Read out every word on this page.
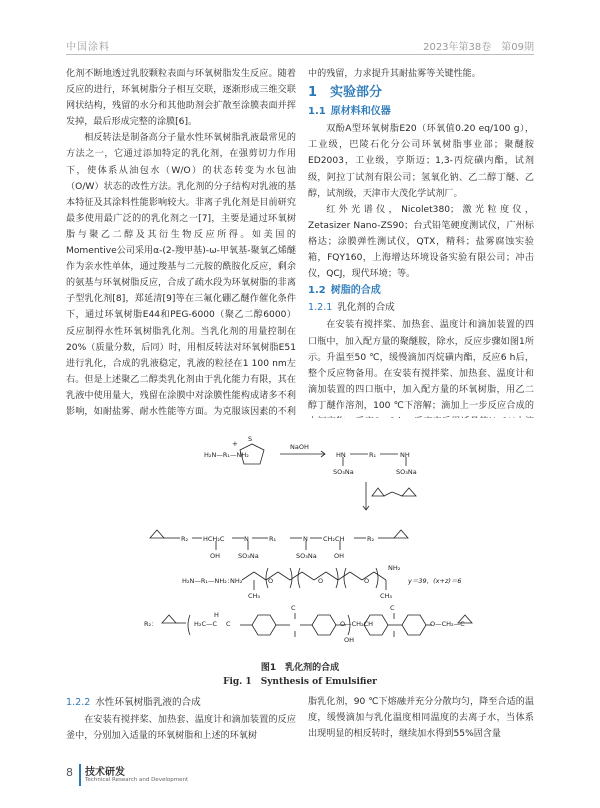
中国涂料	2023年第38卷　第09期

化剂不断地透过乳胶颗粒表面与环氧树脂发生反应。随着反应的进行，环氧树脂分子相互交联，逐渐形成三维交联网状结构，残留的水分和其他助剂会扩散至涂膜表面并挥发掉，最后形成完整的涂膜[6]。

相反转法是制备高分子量水性环氧树脂乳液最常见的方法之一，它通过添加特定的乳化剂，在强剪切力作用下，使体系从油包水（W/O）的状态转变为水包油（O/W）状态的改性方法。乳化剂的分子结构对乳液的基本特征及其涂料性能影响较大。非离子乳化剂是目前研究最多使用最广泛的的乳化剂之一[7]，主要是通过环氧树脂与聚乙二醇及其衍生物反应所得。如美国的Momentive公司采用α-(2-羧甲基)-ω-甲氧基-聚氧乙烯醚作为亲水性单体，通过羧基与二元胺的酰胺化反应，剩余的氨基与环氧树脂反应，合成了疏水段为环氧树脂的非离子型乳化剂[8]，郑延清[9]等在三氟化硼乙醚作催化条件下，通过环氧树脂E44和PEG-6000（聚乙二醇6000）反应制得水性环氧树脂乳化剂。当乳化剂的用量控制在20%（质量分数，后同）时，用相反转法对环氧树脂E51进行乳化，合成的乳液稳定，乳液的粒径在1 100 nm左右。但是上述聚乙二醇类乳化剂由于乳化能力有限，其在乳液中使用量大，残留在涂膜中对涂膜性能构成诸多不利影响，如耐盐雾、耐水性能等方面。为克服该因素的不利

中的残留，力求提升其耐盐雾等关键性能。

1  实验部分
1.1  原材料和仪器

双酚A型环氧树脂E20（环氧值0.20 eq/100 g），工业级，巴陵石化分公司环氧树脂事业部；聚醚胺ED2003，工业级，亨斯迈；1,3-丙烷磺内酯，试剂级，阿拉丁试剂有限公司；氢氧化钠、乙二醇丁醚、乙醇，试剂级，天津市大茂化学试剂厂。

红外光谱仪，Nicolet380；激光粒度仪，Zetasizer Nano-ZS90；台式铅笔硬度测试仪，广州标格达；涂膜弹性测试仪，QTX，精科；盐雾腐蚀实验箱，FQY160，上海增达环境设备实验有限公司；冲击仪，QCJ，现代环境；等。

1.2  树脂的合成
1.2.1  乳化剂的合成

在安装有搅拌桨、加热套、温度计和滴加装置的四口瓶中，加入配方量的聚醚胺，除水，反应步骤如图1所示。升温至50 ℃，缓慢滴加丙烷磺内酯，反应6 h后，整个反应物备用。在安装有搅拌桨、加热套、温度计和滴加装置的四口瓶中，加入配方量的环氧树脂，用乙二醇丁醚作溶剂，100 ℃下溶解；滴加上一步反应合成的

H₂N—R₁—NH₂
+
S
NaOH
HN	R₁	NH
SO₃Na	SO₃Na
R₂ HCH₂C	N	R₁	N CH₂CH	R₂
OH	SO₃Na	SO₃Na	OH
H₂N—R₁—NH₂：
NH₂
NH₂
CH₃	CH₃
O	O	O	y＝39，(x+z)＝6
R₂：	H₂C—C
H
C
C
O—CH₂CH
C
O—CH₂—C
OH
图1　乳化剂的合成
Fig. 1　Synthesis of Emulsifier
1.2.2  水性环氧树脂乳液的合成

在安装有搅拌桨、加热套、温度计和滴加装置的反应釜中，分别加入适量的环氧树脂和上述的环氧树

脂乳化剂，90 ℃下熔融并充分分散均匀，降至合适的温度，缓慢滴加与乳化温度相同温度的去离子水，当体系出现明显的相反转时，继续加水得到55%固含量

8 技术研发
Technical Research and Development
